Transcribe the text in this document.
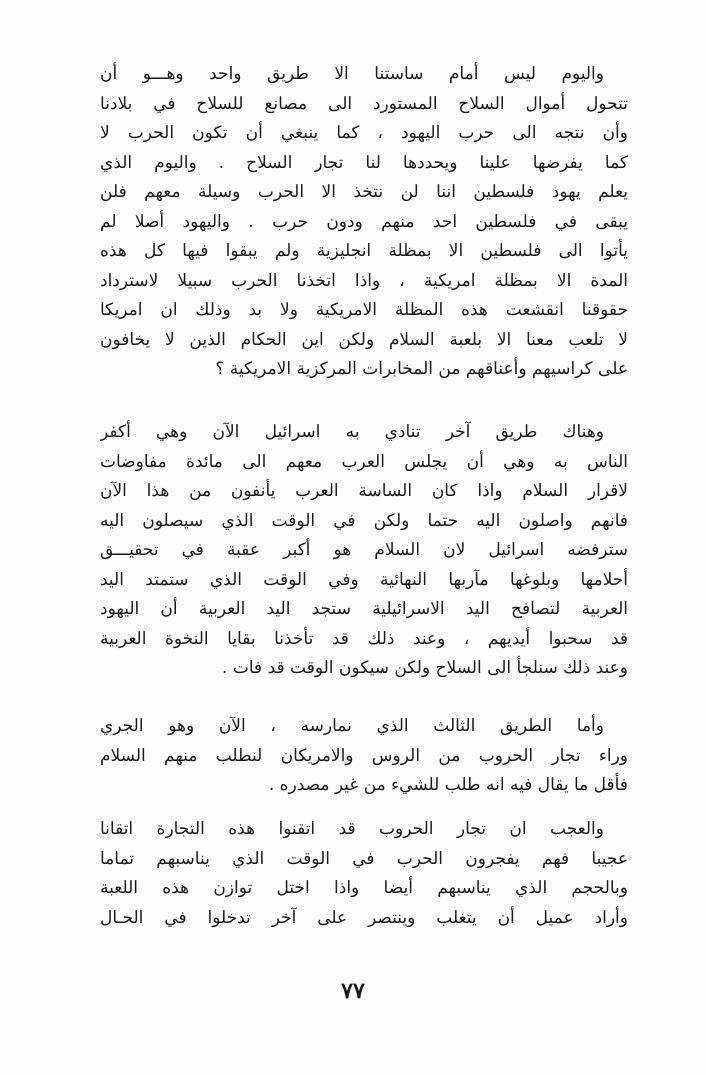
واليوم ليس أمام ساستنا الا طريق واحد وهـــو أن
تتحول أموال السلاح المستورد الى مصانع للسلاح في بلادنا
وأن نتجه الى حرب اليهود ، كما ينبغي أن تكون الحرب لا
كما يفرضها علينا ويحددها لنا تجار السلاح . واليوم الذي
يعلم يهود فلسطين اننا لن نتخذ الا الحرب وسيلة معهم فلن
يبقى في فلسطين احد منهم ودون حرب . واليهود أصلا لم
يأتوا الى فلسطين الا بمظلة انجليزية ولم يبقوا فيها كل هذه
المدة الا بمظلة امريكية ، واذا اتخذنا الحرب سبيلا لاسترداد
حقوقنا انقشعت هذه المظلة الامريكية ولا بد وذلك ان امريكا
لا تلعب معنا الا بلعبة السلام ولكن اين الحكام الذين لا يخافون
على كراسيهم وأعناقهم من المخابرات المركزية الامريكية ؟
وهناك طريق آخر تنادي به اسرائيل الآن وهي أكفر
الناس به وهي أن يجلس العرب معهم الى مائدة مفاوضات
لاقرار السلام واذا كان الساسة العرب يأنفون من هذا الآن
فانهم واصلون اليه حتما ولكن في الوقت الذي سيصلون اليه
سترفضه اسرائيل لان السلام هو أكبر عقبة في تحقيـــق
أحلامها وبلوغها مآربها النهائية وفي الوقت الذي ستمتد اليد
العربية لتصافح اليد الاسرائيلية ستجد اليد العربية أن اليهود
قد سحبوا أيديهم ، وعند ذلك قد تأخذنا بقايا النخوة العربية
وعند ذلك سنلجأ الى السلاح ولكن سيكون الوقت قد فات .
وأما الطريق الثالث الذي نمارسه ، الآن وهو الجري
وراء تجار الحروب من الروس والامريكان لنطلب منهم السلام
فأقل ما يقال فيه انه طلب للشيء من غير مصدره .
والعجب ان تجار الحروب قد اتقنوا هذه التجارة اتقانا
عجيبا فهم يفجرون الحرب في الوقت الذي يناسبهم تماما
وبالحجم الذي يناسبهم أيضا واذا اختل توازن هذه اللعبة
وأراد عميل أن يتغلب وينتصر على آخر تدخلوا في الحـال
٧٧
